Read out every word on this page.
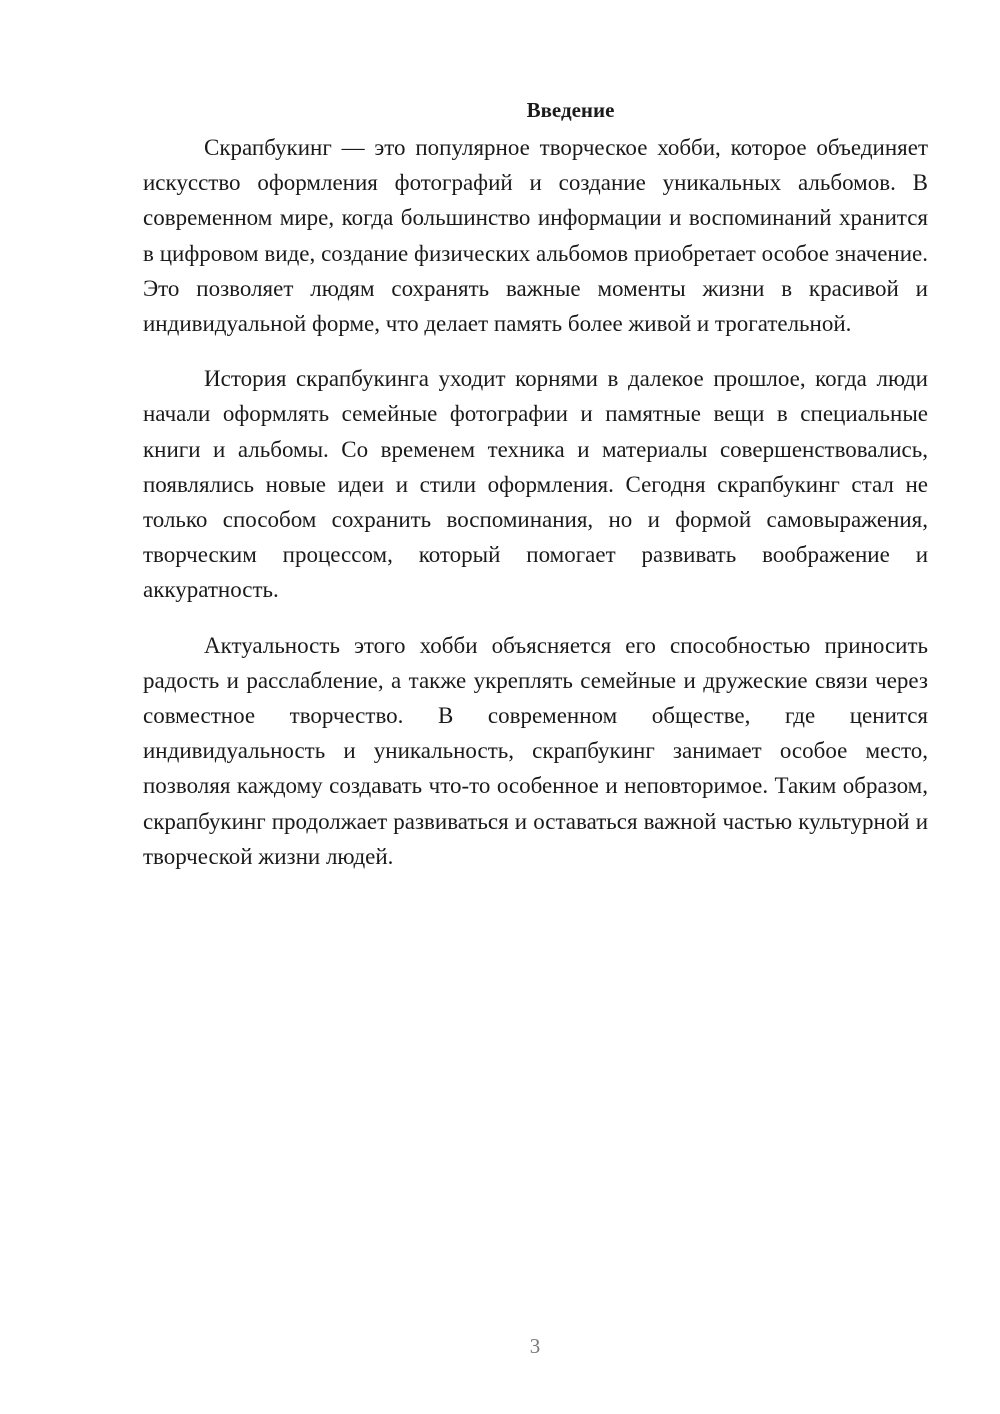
Введение

Скрапбукинг — это популярное творческое хобби, которое объединяет искусство оформления фотографий и создание уникальных альбомов. В современном мире, когда большинство информации и воспоминаний хранится в цифровом виде, создание физических альбомов приобретает особое значение. Это позволяет людям сохранять важные моменты жизни в красивой и индивидуальной форме, что делает память более живой и трогательной.

История скрапбукинга уходит корнями в далекое прошлое, когда люди начали оформлять семейные фотографии и памятные вещи в специальные книги и альбомы. Со временем техника и материалы совершенствовались, появлялись новые идеи и стили оформления. Сегодня скрапбукинг стал не только способом сохранить воспоминания, но и формой самовыражения, творческим процессом, который помогает развивать воображение и аккуратность.

Актуальность этого хобби объясняется его способностью приносить радость и расслабление, а также укреплять семейные и дружеские связи через совместное творчество. В современном обществе, где ценится индивидуальность и уникальность, скрапбукинг занимает особое место, позволяя каждому создавать что-то особенное и неповторимое. Таким образом, скрапбукинг продолжает развиваться и оставаться важной частью культурной и творческой жизни людей.

3
